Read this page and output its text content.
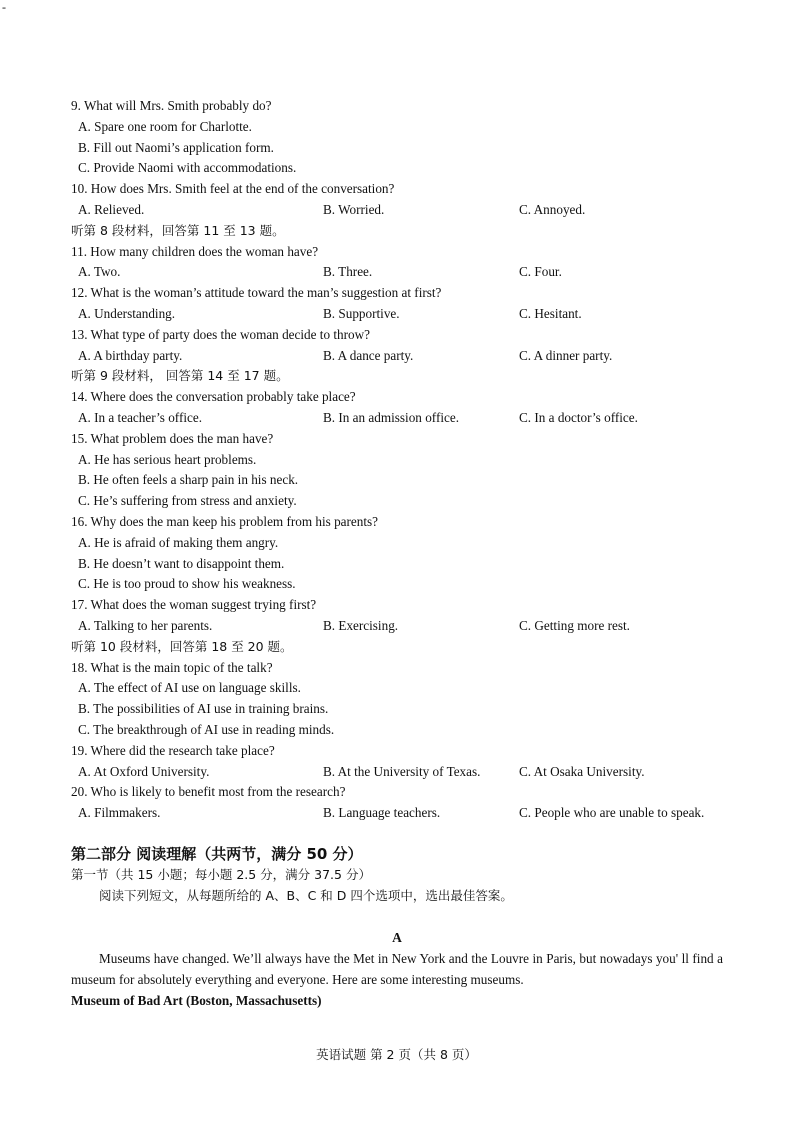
-
9. What will Mrs. Smith probably do?
A. Spare one room for Charlotte.
B. Fill out Naomi’s application form.
C. Provide Naomi with accommodations.
10. How does Mrs. Smith feel at the end of the conversation?
A. Relieved.	B. Worried.	C. Annoyed.
听第 8 段材料，回答第 11 至 13 题。
11. How many children does the woman have?
A. Two.	B. Three.	C. Four.
12. What is the woman’s attitude toward the man’s suggestion at first?
A. Understanding.	B. Supportive.	C. Hesitant.
13. What type of party does the woman decide to throw?
A. A birthday party.	B. A dance party.	C. A dinner party.
听第 9 段材料， 回答第 14 至 17 题。
14. Where does the conversation probably take place?
A. In a teacher’s office.	B. In an admission office.	C. In a doctor’s office.
15. What problem does the man have?
A. He has serious heart problems.
B. He often feels a sharp pain in his neck.
C. He’s suffering from stress and anxiety.
16. Why does the man keep his problem from his parents?
A. He is afraid of making them angry.
B. He doesn’t want to disappoint them.
C. He is too proud to show his weakness.
17. What does the woman suggest trying first?
A. Talking to her parents.	B. Exercising.	C. Getting more rest.
听第 10 段材料，回答第 18 至 20 题。
18. What is the main topic of the talk?
A. The effect of AI use on language skills.
B. The possibilities of AI use in training brains.
C. The breakthrough of AI use in reading minds.
19. Where did the research take place?
A. At Oxford University.	B. At the University of Texas.	C. At Osaka University.
20. Who is likely to benefit most from the research?
A. Filmmakers.	B. Language teachers.	C. People who are unable to speak.
第二部分 阅读理解（共两节，满分 50 分）
第一节（共 15 小题；每小题 2.5 分，满分 37.5 分）
阅读下列短文，从每题所给的 A、B、C 和 D 四个选项中，选出最佳答案。
A

Museums have changed. We’ll always have the Met in New York and the Louvre in Paris, but nowadays you' ll find a museum for absolutely everything and everyone. Here are some interesting museums.

Museum of Bad Art (Boston, Massachusetts)
英语试题 第 2 页（共 8 页）
